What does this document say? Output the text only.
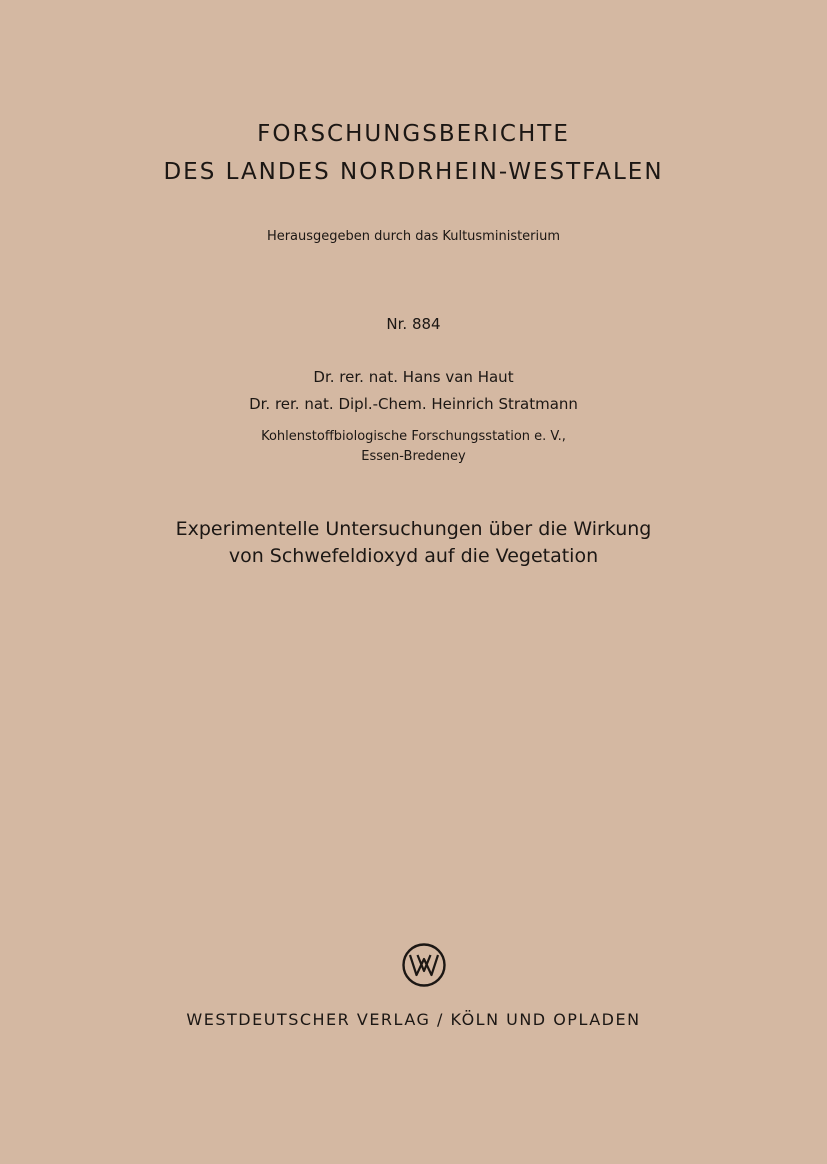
FORSCHUNGSBERICHTE
DES LANDES NORDRHEIN-WESTFALEN
Herausgegeben durch das Kultusministerium
Nr. 884
Dr. rer. nat. Hans van Haut
Dr. rer. nat. Dipl.-Chem. Heinrich Stratmann
Kohlenstoffbiologische Forschungsstation e. V.,
Essen-Bredeney
Experimentelle Untersuchungen über die Wirkung
von Schwefeldioxyd auf die Vegetation
WESTDEUTSCHER VERLAG / KÖLN UND OPLADEN
